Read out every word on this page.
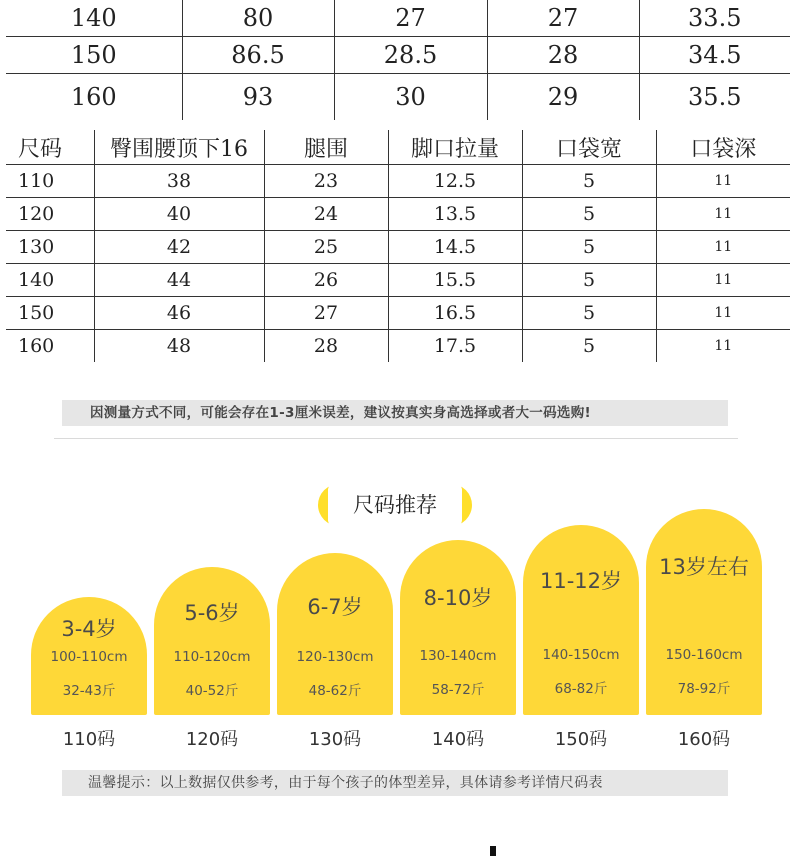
140	80	27	27	33.5
150	86.5	28.5	28	34.5
160	93	30	29	35.5
尺码	臀围腰顶下16	腿围	脚口拉量	口袋宽	口袋深
110	38	23	12.5	5	11
120	40	24	13.5	5	11
130	42	25	14.5	5	11
140	44	26	15.5	5	11
150	46	27	16.5	5	11
160	48	28	17.5	5	11
因测量方式不同，可能会存在1-3厘米误差，建议按真实身高选择或者大一码选购!
尺码推荐
3-4岁
100-110cm
32-43斤
110码
5-6岁
110-120cm
40-52斤
120码
6-7岁
120-130cm
48-62斤
130码
8-10岁
130-140cm
58-72斤
140码
11-12岁
140-150cm
68-82斤
150码
13岁左右
150-160cm
78-92斤
160码
温馨提示：以上数据仅供参考，由于每个孩子的体型差异，具体请参考详情尺码表
